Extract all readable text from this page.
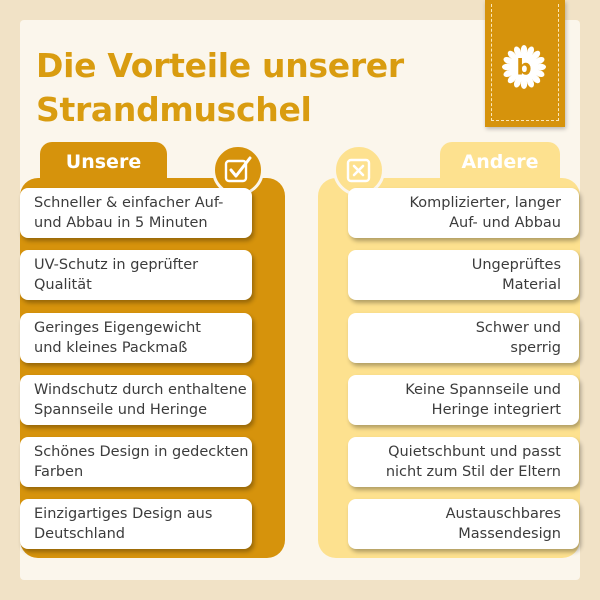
Die Vorteile unserer
Strandmuschel
b
Unsere
Schneller & einfacher Auf-
und Abbau in 5 Minuten
UV-Schutz in geprüfter
Qualität
Geringes Eigengewicht
und kleines Packmaß
Windschutz durch enthaltene
Spannseile und Heringe
Schönes Design in gedeckten
Farben
Einzigartiges Design aus
Deutschland
Andere
Komplizierter, langer
Auf- und Abbau
Ungeprüftes
Material
Schwer und
sperrig
Keine Spannseile und
Heringe integriert
Quietschbunt und passt
nicht zum Stil der Eltern
Austauschbares
Massendesign
